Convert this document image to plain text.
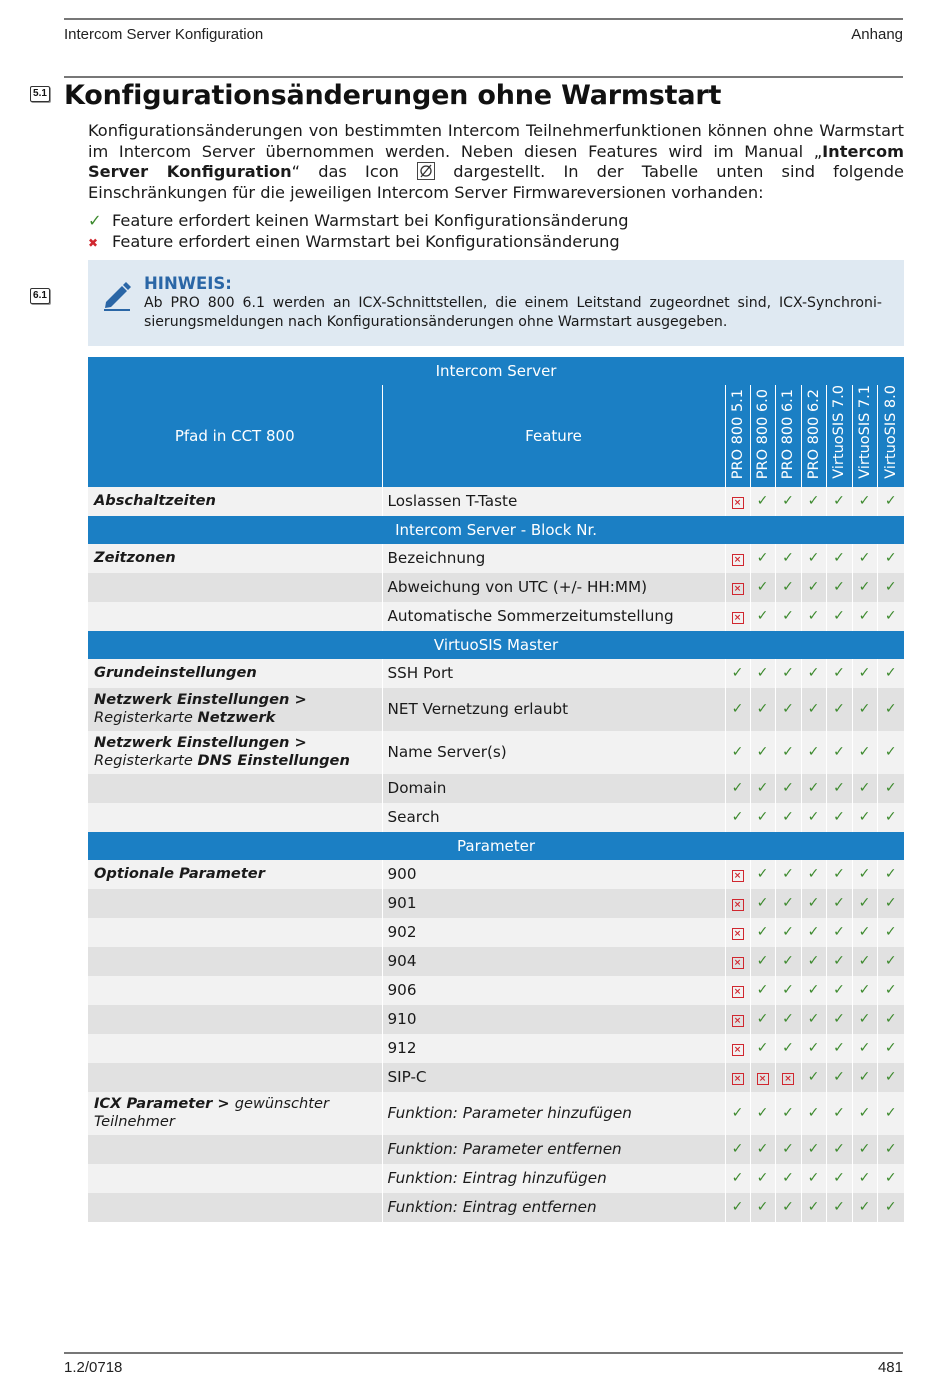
Intercom Server Konfiguration	Anhang
5.1 Konfigurationsänderungen ohne Warmstart
Konfigurationsänderungen von bestimmten Intercom Teilnehmerfunktionen können ohne Warmstart im Intercom Server übernommen werden. Neben diesen Features wird im Manual „Intercom Server Konfiguration“ das Icon  dargestellt. In der Tabelle unten sind folgende Einschränkungen für die jeweiligen Intercom Server Firmwareversionen vorhanden:
✓ Feature erfordert keinen Warmstart bei Konfigurationsänderung
✖ Feature erfordert einen Warmstart bei Konfigurationsänderung
6.1
HINWEIS:
Ab PRO 800 6.1 werden an ICX-Schnittstellen, die einem Leitstand zugeordnet sind, ICX-Synchroni-sierungsmeldungen nach Konfigurationsänderungen ohne Warmstart ausgegeben.
Intercom Server								
Pfad in CCT 800	Feature	PRO 800 5.1	PRO 800 6.0	PRO 800 6.1	PRO 800 6.2	VirtuoSIS 7.0	VirtuoSIS 7.1	VirtuoSIS 8.0
Abschaltzeiten	Loslassen T-Taste	×	✓	✓	✓	✓	✓	✓
Intercom Server - Block Nr.								
Zeitzonen	Bezeichnung	×	✓	✓	✓	✓	✓	✓
	Abweichung von UTC (+/- HH:MM)	×	✓	✓	✓	✓	✓	✓
	Automatische Sommerzeitumstellung	×	✓	✓	✓	✓	✓	✓
VirtuoSIS Master								
Grundeinstellungen	SSH Port	✓	✓	✓	✓	✓	✓	✓
Netzwerk Einstellungen >
Registerkarte Netzwerk	NET Vernetzung erlaubt	✓	✓	✓	✓	✓	✓	✓
Netzwerk Einstellungen >
Registerkarte DNS Einstellungen	Name Server(s)	✓	✓	✓	✓	✓	✓	✓
	Domain	✓	✓	✓	✓	✓	✓	✓
	Search	✓	✓	✓	✓	✓	✓	✓
Parameter								
Optionale Parameter	900	×	✓	✓	✓	✓	✓	✓
	901	×	✓	✓	✓	✓	✓	✓
	902	×	✓	✓	✓	✓	✓	✓
	904	×	✓	✓	✓	✓	✓	✓
	906	×	✓	✓	✓	✓	✓	✓
	910	×	✓	✓	✓	✓	✓	✓
	912	×	✓	✓	✓	✓	✓	✓
	SIP-C	×	×	×	✓	✓	✓	✓
ICX Parameter > gewünschter Teilnehmer	Funktion: Parameter hinzufügen	✓	✓	✓	✓	✓	✓	✓
	Funktion: Parameter entfernen	✓	✓	✓	✓	✓	✓	✓
	Funktion: Eintrag hinzufügen	✓	✓	✓	✓	✓	✓	✓
	Funktion: Eintrag entfernen	✓	✓	✓	✓	✓	✓	✓
1.2/0718	481
